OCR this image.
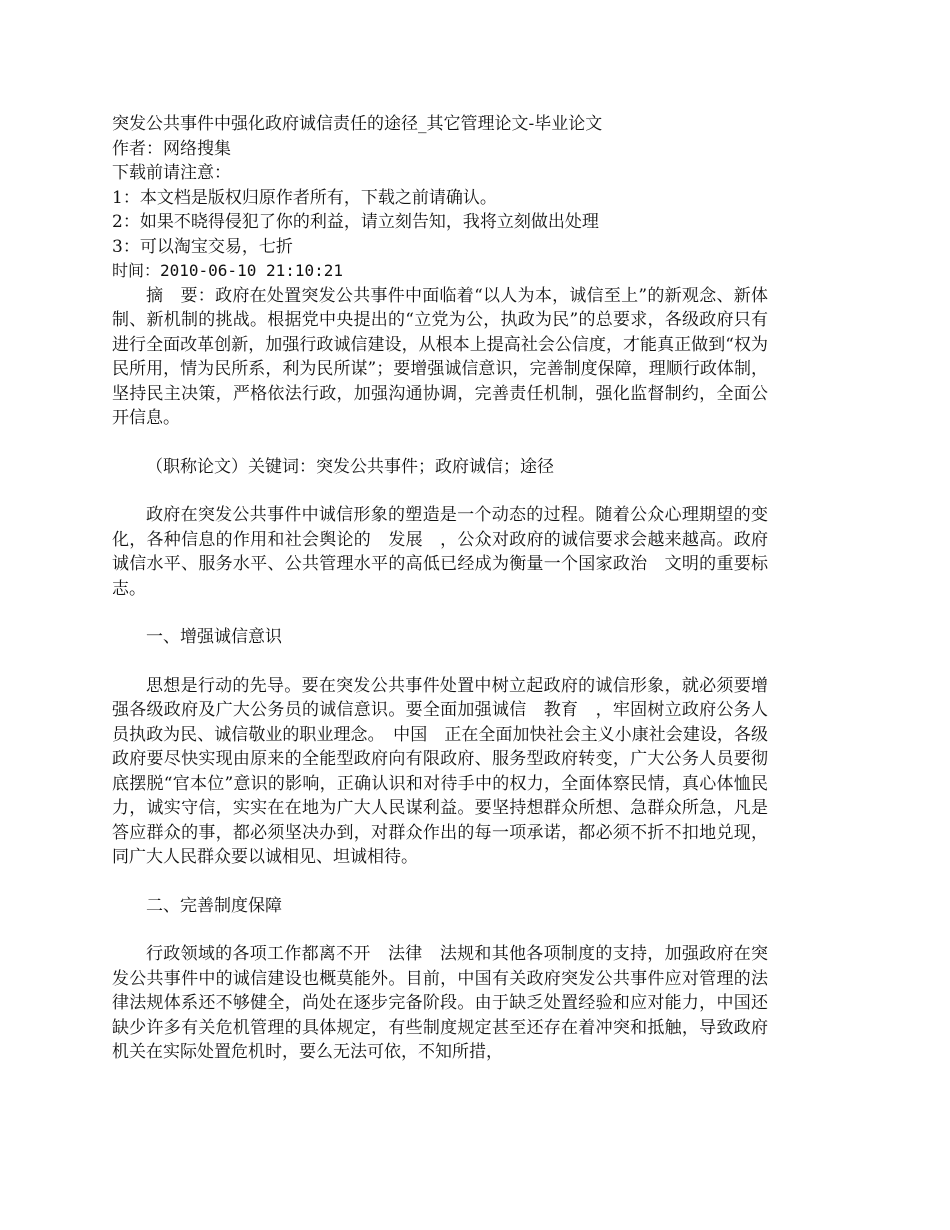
突发公共事件中强化政府诚信责任的途径_其它管理论文-毕业论文
作者：网络搜集
下载前请注意：
1：本文档是版权归原作者所有，下载之前请确认。
2：如果不晓得侵犯了你的利益，请立刻告知，我将立刻做出处理
3：可以淘宝交易，七折
时间：2010-06-10 21:10:21

摘　要：政府在处置突发公共事件中面临着“以人为本，诚信至上”的新观念、新体制、新机制的挑战。根据党中央提出的“立党为公，执政为民”的总要求，各级政府只有进行全面改革创新，加强行政诚信建设，从根本上提高社会公信度，才能真正做到“权为民所用，情为民所系，利为民所谋”；要增强诚信意识，完善制度保障，理顺行政体制，坚持民主决策，严格依法行政，加强沟通协调，完善责任机制，强化监督制约，全面公开信息。

（职称论文）关键词：突发公共事件；政府诚信；途径

政府在突发公共事件中诚信形象的塑造是一个动态的过程。随着公众心理期望的变化，各种信息的作用和社会舆论的　发展　，公众对政府的诚信要求会越来越高。政府诚信水平、服务水平、公共管理水平的高低已经成为衡量一个国家政治　文明的重要标志。

一、增强诚信意识

思想是行动的先导。要在突发公共事件处置中树立起政府的诚信形象，就必须要增强各级政府及广大公务员的诚信意识。要全面加强诚信　教育　，牢固树立政府公务人员执政为民、诚信敬业的职业理念。　中国　正在全面加快社会主义小康社会建设，各级政府要尽快实现由原来的全能型政府向有限政府、服务型政府转变，广大公务人员要彻底摆脱“官本位”意识的影响，正确认识和对待手中的权力，全面体察民情，真心体恤民力，诚实守信，实实在在地为广大人民谋利益。要坚持想群众所想、急群众所急，凡是答应群众的事，都必须坚决办到，对群众作出的每一项承诺，都必须不折不扣地兑现，同广大人民群众要以诚相见、坦诚相待。

二、完善制度保障

行政领域的各项工作都离不开　法律　法规和其他各项制度的支持，加强政府在突发公共事件中的诚信建设也概莫能外。目前，中国有关政府突发公共事件应对管理的法律法规体系还不够健全，尚处在逐步完备阶段。由于缺乏处置经验和应对能力，中国还缺少许多有关危机管理的具体规定，有些制度规定甚至还存在着冲突和抵触，导致政府机关在实际处置危机时，要么无法可依，不知所措，
